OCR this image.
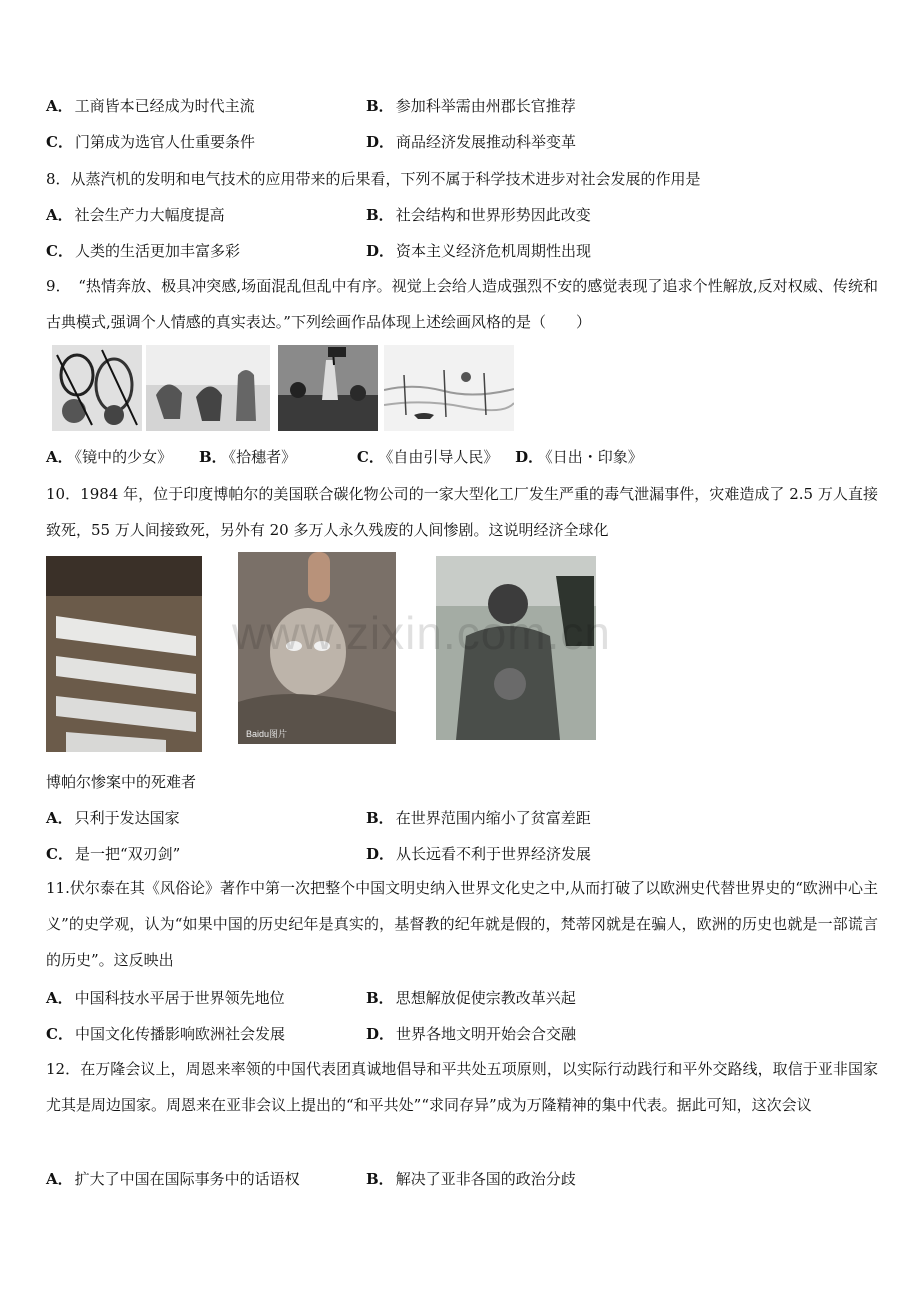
A． 工商皆本已经成为时代主流	B． 参加科举需由州郡长官推荐
C． 门第成为选官人仕重要条件	D． 商品经济发展推动科举变革
8．从蒸汽机的发明和电气技术的应用带来的后果看，下列不属于科学技术进步对社会发展的作用是
A． 社会生产力大幅度提高	B． 社会结构和世界形势因此改变
C． 人类的生活更加丰富多彩	D． 资本主义经济危机周期性出现
9．　“热情奔放、极具冲突感,场面混乱但乱中有序。视觉上会给人造成强烈不安的感觉表现了追求个性解放,反对权威、传统和古典模式,强调个人情感的真实表达。”下列绘画作品体现上述绘画风格的是（　　）
A． 《镜中的少女》 B． 《拾穗者》	C． 《自由引导人民》 D． 《日出・印象》
10．1984 年，位于印度博帕尔的美国联合碳化物公司的一家大型化工厂发生严重的毒气泄漏事件，灾难造成了 2.5 万人直接致死，55 万人间接致死，另外有 20 多万人永久残废的人间惨剧。这说明经济全球化
Baidu图片
www.zixin.com.cn
博帕尔惨案中的死难者
A． 只利于发达国家	B． 在世界范围内缩小了贫富差距
C． 是一把“双刃剑”	D． 从长远看不利于世界经济发展
11.伏尔泰在其《风俗论》著作中第一次把整个中国文明史纳入世界文化史之中,从而打破了以欧洲史代替世界史的“欧洲中心主义”的史学观，认为“如果中国的历史纪年是真实的，基督教的纪年就是假的，梵蒂冈就是在骗人，欧洲的历史也就是一部谎言的历史”。这反映出
A． 中国科技水平居于世界领先地位	B． 思想解放促使宗教改革兴起
C． 中国文化传播影响欧洲社会发展	D． 世界各地文明开始会合交融
12．在万隆会议上，周恩来率领的中国代表团真诚地倡导和平共处五项原则，以实际行动践行和平外交路线，取信于亚非国家尤其是周边国家。周恩来在亚非会议上提出的“和平共处”“求同存异”成为万隆精神的集中代表。据此可知，这次会议
A． 扩大了中国在国际事务中的话语权	B． 解决了亚非各国的政治分歧
